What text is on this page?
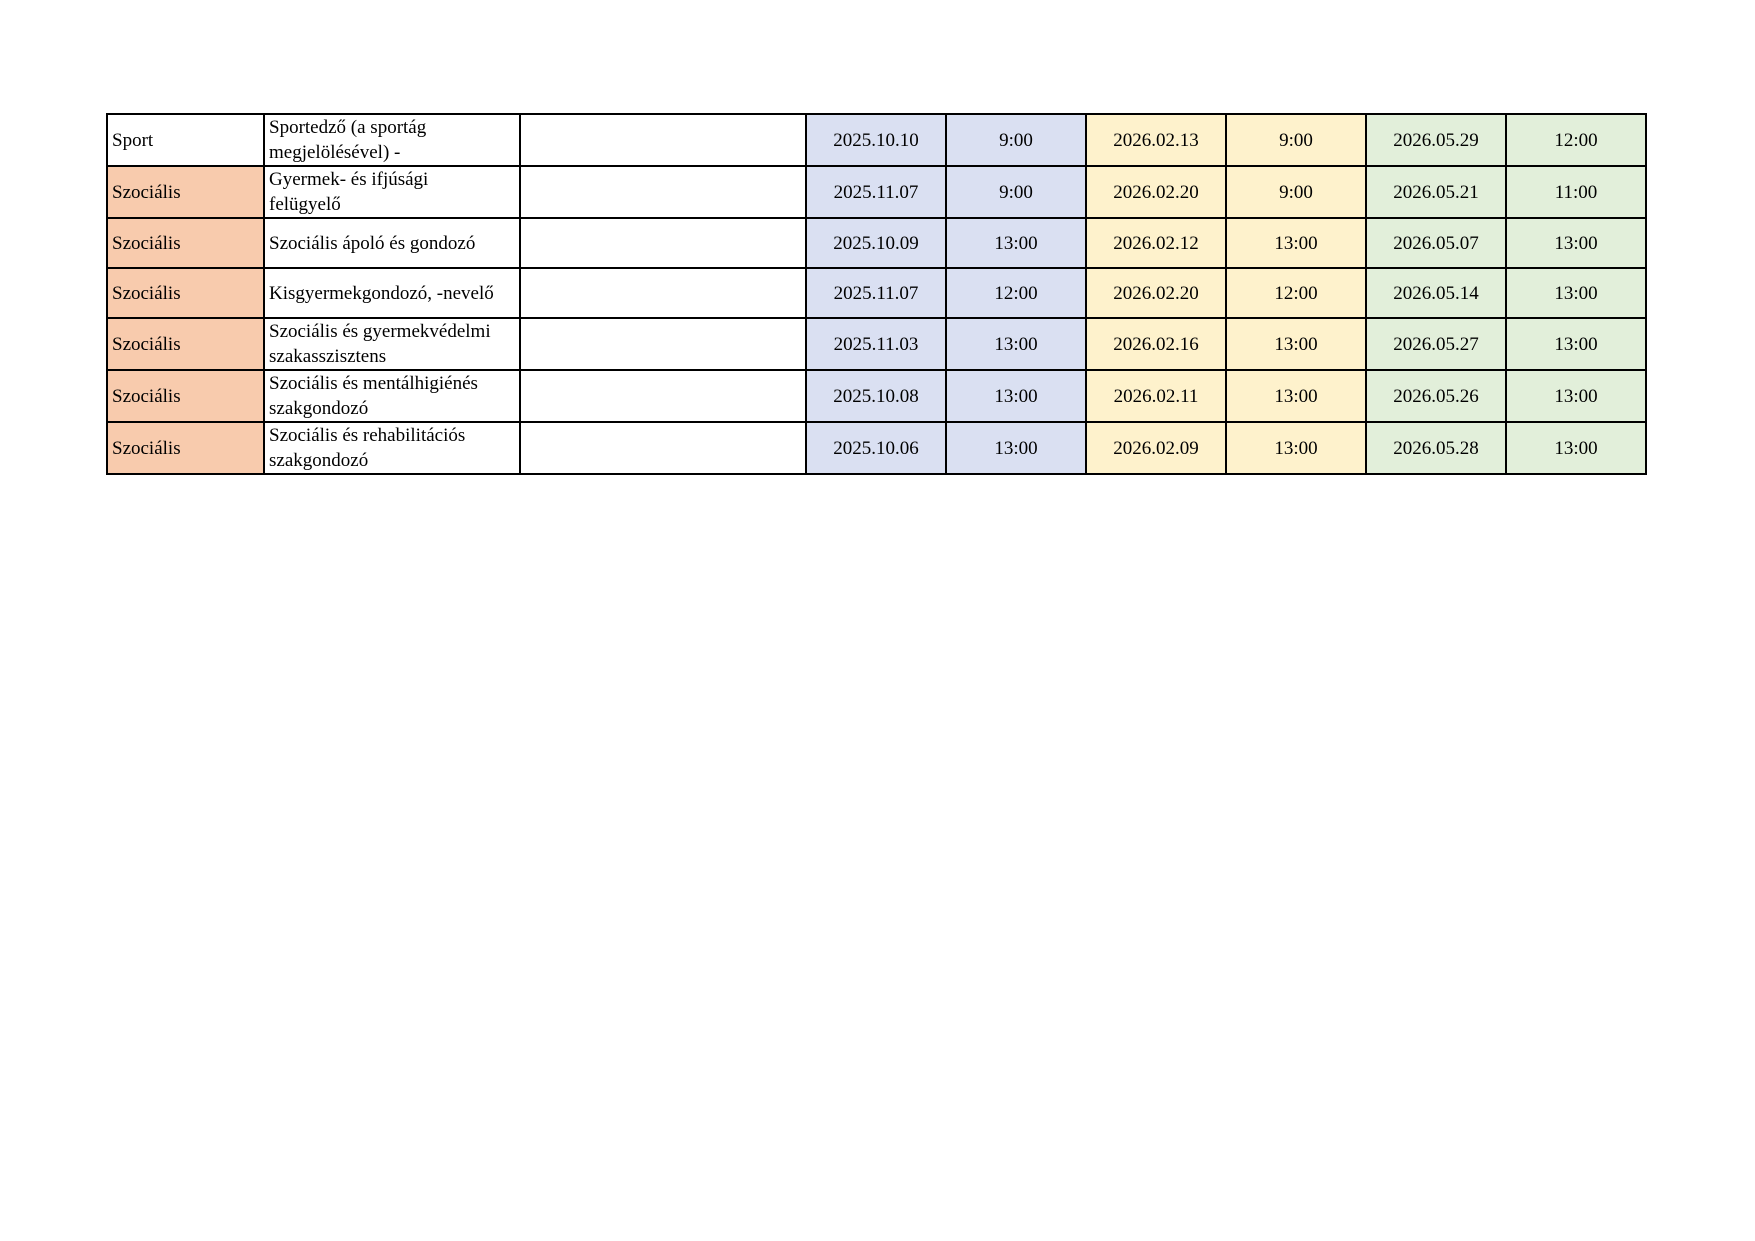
Sport	Sportedző (a sportág
megjelölésével) -		2025.10.10	9:00	2026.02.13	9:00	2026.05.29	12:00
Szociális	Gyermek- és ifjúsági
felügyelő		2025.11.07	9:00	2026.02.20	9:00	2026.05.21	11:00
Szociális	Szociális ápoló és gondozó		2025.10.09	13:00	2026.02.12	13:00	2026.05.07	13:00
Szociális	Kisgyermekgondozó, -nevelő		2025.11.07	12:00	2026.02.20	12:00	2026.05.14	13:00
Szociális	Szociális és gyermekvédelmi
szakasszisztens		2025.11.03	13:00	2026.02.16	13:00	2026.05.27	13:00
Szociális	Szociális és mentálhigiénés
szakgondozó		2025.10.08	13:00	2026.02.11	13:00	2026.05.26	13:00
Szociális	Szociális és rehabilitációs
szakgondozó		2025.10.06	13:00	2026.02.09	13:00	2026.05.28	13:00
